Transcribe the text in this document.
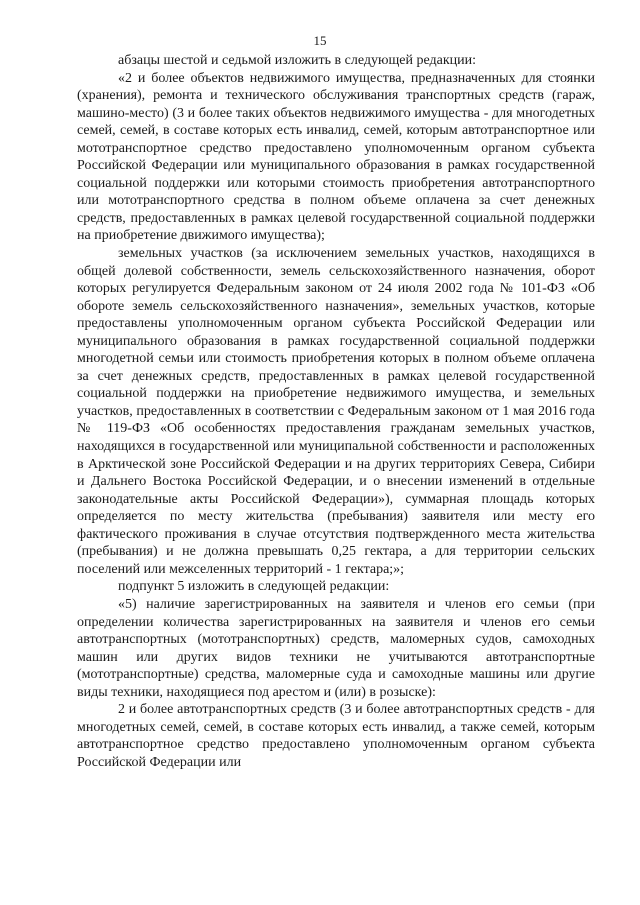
15

абзацы шестой и седьмой изложить в следующей редакции:

«2 и более объектов недвижимого имущества, предназначенных для стоянки (хранения), ремонта и технического обслуживания транспортных средств (гараж, машино-место) (3 и более таких объектов недвижимого имущества - для многодетных семей, семей, в составе которых есть инвалид, семей, которым автотранспортное или мототранспортное средство предоставлено уполномоченным органом субъекта Российской Федерации или муниципального образования в рамках государственной социальной поддержки или которыми стоимость приобретения автотранспортного или мототранспортного средства в полном объеме оплачена за счет денежных средств, предоставленных в рамках целевой государственной социальной поддержки на приобретение движимого имущества);

земельных участков (за исключением земельных участков, находящихся в общей долевой собственности, земель сельскохозяйственного назначения, оборот которых регулируется Федеральным законом от 24 июля 2002 года № 101-ФЗ «Об обороте земель сельскохозяйственного назначения», земельных участков, которые предоставлены уполномоченным органом субъекта Российской Федерации или муниципального образования в рамках государственной социальной поддержки многодетной семьи или стоимость приобретения которых в полном объеме оплачена за счет денежных средств, предоставленных в рамках целевой государственной социальной поддержки на приобретение недвижимого имущества, и земельных участков, предоставленных в соответствии с Федеральным законом от 1 мая 2016 года № 119-ФЗ «Об особенностях предоставления гражданам земельных участков, находящихся в государственной или муниципальной собственности и расположенных в Арктической зоне Российской Федерации и на других территориях Севера, Сибири и Дальнего Востока Российской Федерации, и о внесении изменений в отдельные законодательные акты Российской Федерации»), суммарная площадь которых определяется по месту жительства (пребывания) заявителя или месту его фактического проживания в случае отсутствия подтвержденного места жительства (пребывания) и не должна превышать 0,25 гектара, а для территории сельских поселений или межселенных территорий - 1 гектара;»;

подпункт 5 изложить в следующей редакции:

«5) наличие зарегистрированных на заявителя и членов его семьи (при определении количества зарегистрированных на заявителя и членов его семьи автотранспортных (мототранспортных) средств, маломерных судов, самоходных машин или других видов техники не учитываются автотранспортные (мототранспортные) средства, маломерные суда и самоходные машины или другие виды техники, находящиеся под арестом и (или) в розыске):

2 и более автотранспортных средств (3 и более автотранспортных средств - для многодетных семей, семей, в составе которых есть инвалид, а также семей, которым автотранспортное средство предоставлено уполномоченным органом субъекта Российской Федерации или
